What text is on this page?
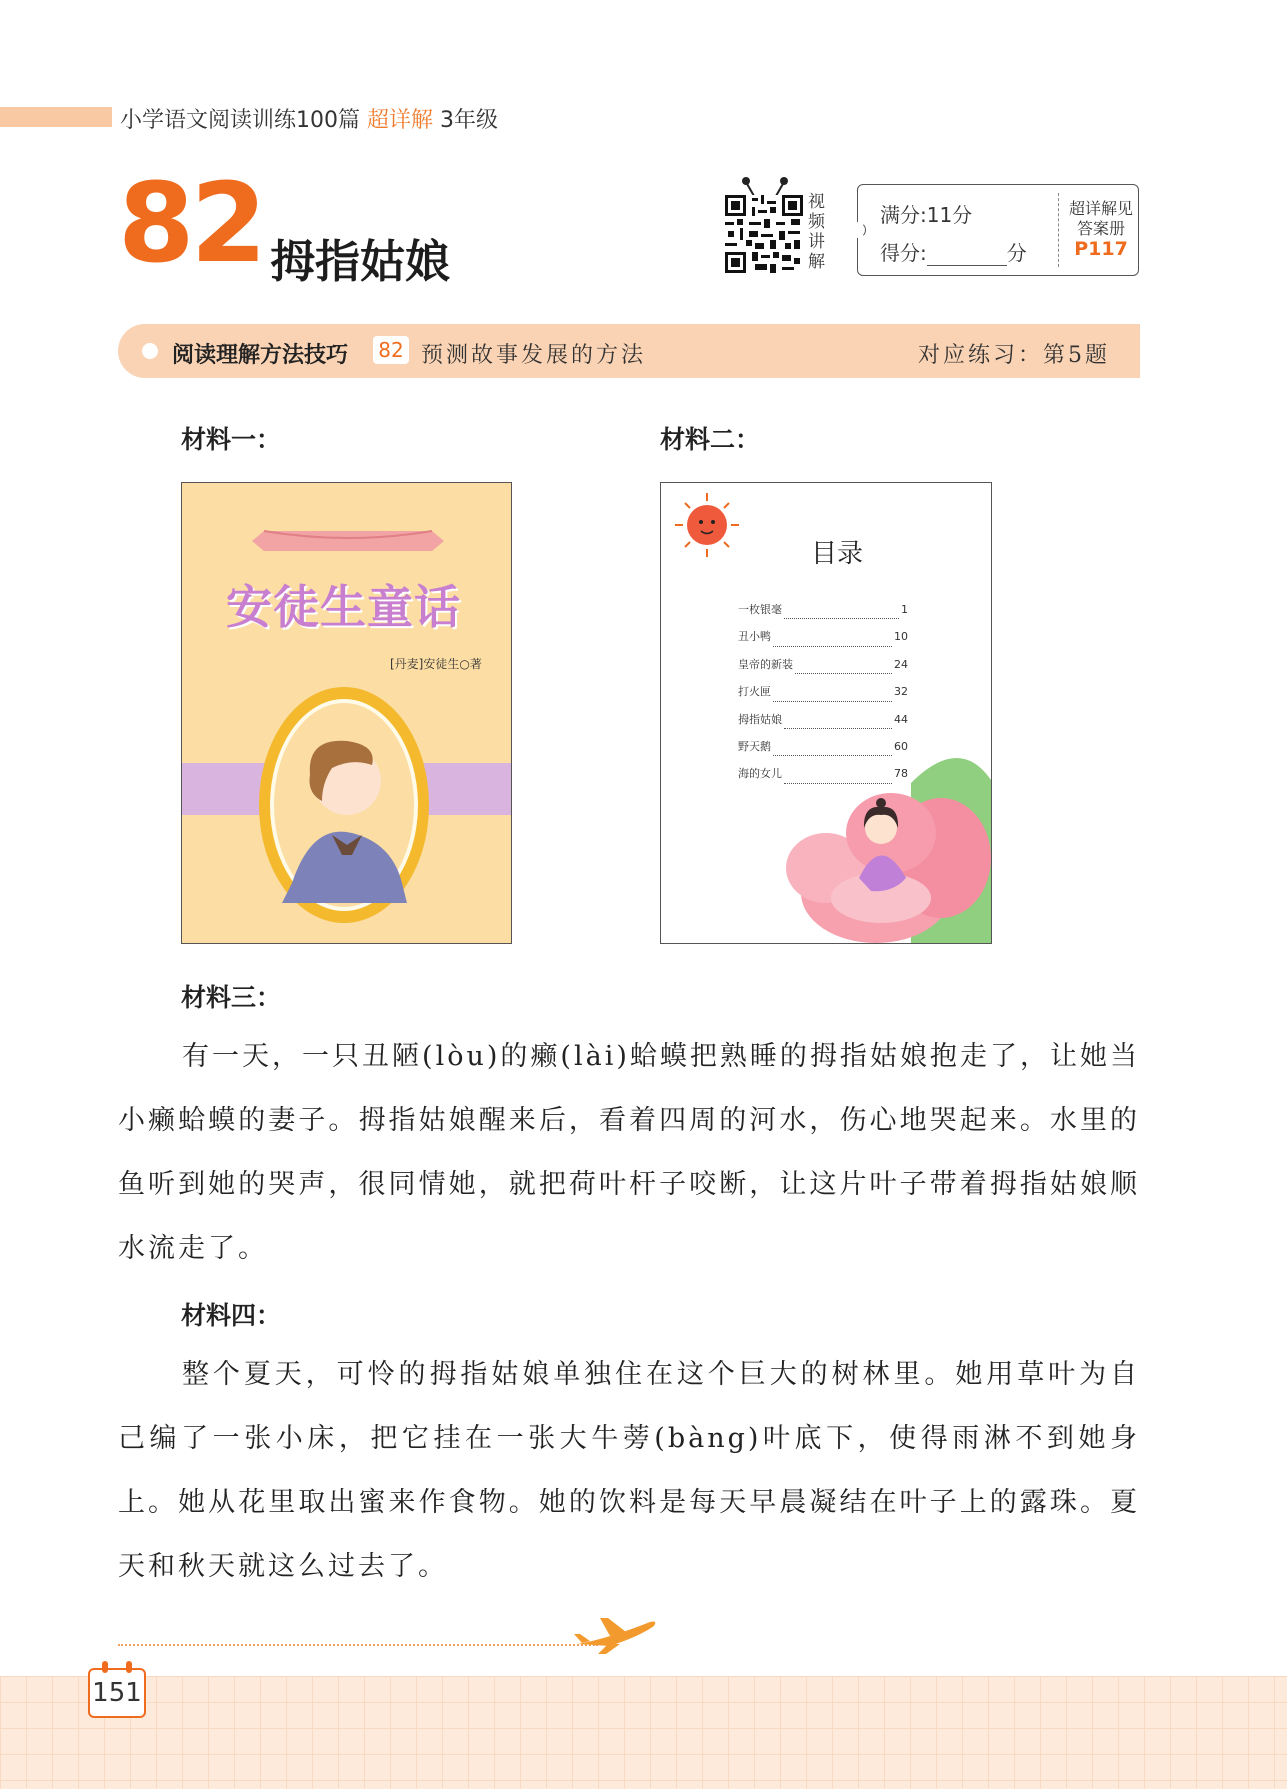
小学语文阅读训练100篇 超详解 3年级
82 拇指姑娘
视
频
讲
解
满分:11分
得分:	分
超详解见
答案册
P117
阅读理解方法技巧 82 预测故事发展的方法	对应练习：第5题
材料一：	材料二：
安徒生童话
[丹麦]安徒生○著
目录
一枚银毫	1
丑小鸭	10
皇帝的新装	24
打火匣	32
拇指姑娘	44
野天鹅	60
海的女儿	78
材料三：
有一天，一只丑陋(lòu)的癞(lài)蛤蟆把熟睡的拇指姑娘抱走了，让她当小癞蛤蟆的妻子。拇指姑娘醒来后，看着四周的河水，伤心地哭起来。水里的鱼听到她的哭声，很同情她，就把荷叶杆子咬断，让这片叶子带着拇指姑娘顺水流走了。
材料四：
整个夏天，可怜的拇指姑娘单独住在这个巨大的树林里。她用草叶为自己编了一张小床，把它挂在一张大牛蒡(bàng)叶底下，使得雨淋不到她身上。她从花里取出蜜来作食物。她的饮料是每天早晨凝结在叶子上的露珠。夏天和秋天就这么过去了。
151
